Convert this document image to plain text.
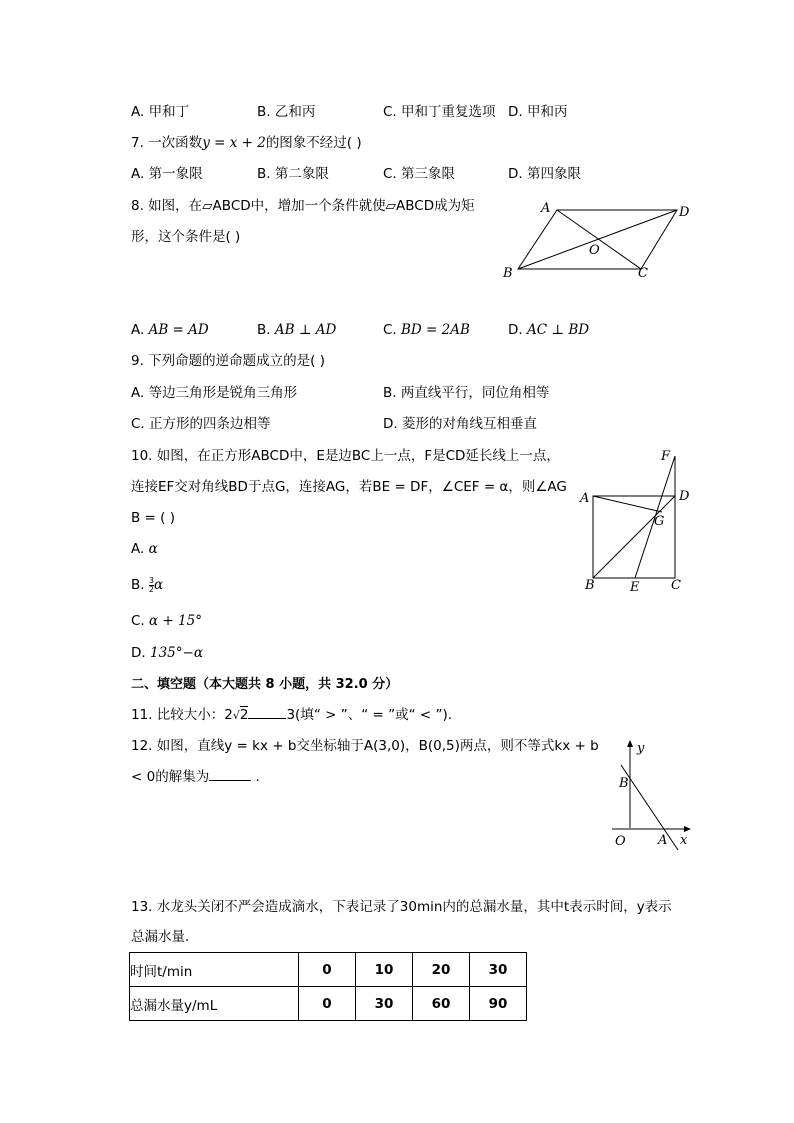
A. 甲和丁	B. 乙和丙	C. 甲和丁重复选项 D. 甲和丙
7. 一次函数y = x + 2的图象不经过( )
A. 第一象限	B. 第二象限	C. 第三象限	D. 第四象限
8. 如图，在▱ABCD中，增加一个条件就使▱ABCD成为矩
形，这个条件是( )
A	D
O
B	C
A. AB = AD	B. AB ⊥ AD	C. BD = 2AB	D. AC ⊥ BD
9. 下列命题的逆命题成立的是( )
A. 等边三角形是锐角三角形	B. 两直线平行，同位角相等
C. 正方形的四条边相等	D. 菱形的对角线互相垂直
10. 如图，在正方形ABCD中，E是边BC上一点，F是CD延长线上一点，
连接EF交对角线BD于点G，连接AG，若BE = DF，∠CEF = α，则∠AG
B = ( )
A. α
B. $\frac{3}{2}$ α
C. α + 15°
D. 135°−α
F
A	D
G
B	E C
二、填空题（本大题共 8 小题，共 32.0 分）
11. 比较大小：2√2	3(填“ > ”、“ = ”或“ < ”).
12. 如图，直线y = kx + b交坐标轴于A(3,0)，B(0,5)两点，则不等式kx + b
< 0的解集为	.
y
B
O A x
13. 水龙头关闭不严会造成滴水，下表记录了30min内的总漏水量，其中t表示时间，y表示
总漏水量．
时间t/min	0	10	20	30
总漏水量y/mL	0	30	60	90
